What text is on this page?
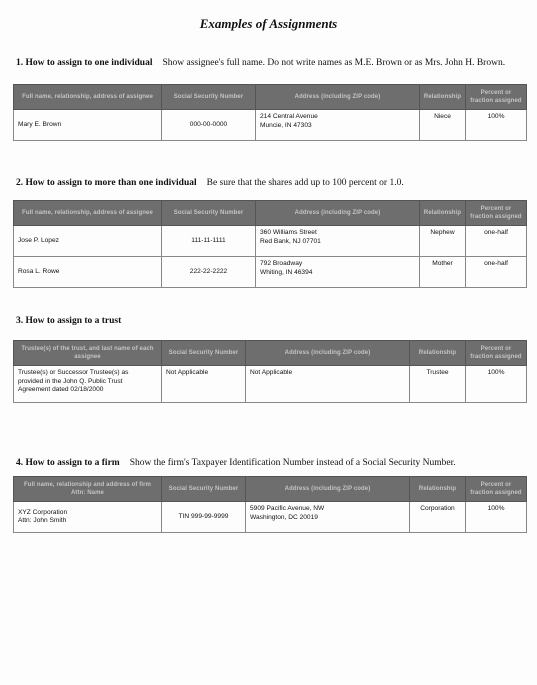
Examples of Assignments
1. How to assign to one individual Show assignee's full name. Do not write names as M.E. Brown or as Mrs. John H. Brown.
Full name, relationship, address of assignee	Social Security Number	Address (including ZIP code)	Relationship	Percent or fraction assigned

Mary E. Brown	000-00-0000	214 Central Avenue
Muncie, IN 47303	Niece	100%
2. How to assign to more than one individual Be sure that the shares add up to 100 percent or 1.0.
Full name, relationship, address of assignee	Social Security Number	Address (including ZIP code)	Relationship	Percent or fraction assigned

Jose P. Lopez	111-11-1111	360 Williams Street
Red Bank, NJ 07701	Nephew	one-half

Rosa L. Rowe	222-22-2222	792 Broadway
Whiting, IN 46394	Mother	one-half
3. How to assign to a trust
Trustee(s) of the trust, and last name of each assignee	Social Security Number	Address (including ZIP code)	Relationship	Percent or fraction assigned

Trustee(s) or Successor Trustee(s) as
provided in the John Q. Public Trust
Agreement dated 02/18/2000	Not Applicable	Not Applicable	Trustee	100%
4. How to assign to a firm Show the firm's Taxpayer Identification Number instead of a Social Security Number.
Full name, relationship and address of firm Attn: Name	Social Security Number	Address (including ZIP code)	Relationship	Percent or fraction assigned

XYZ Corporation
Attn: John Smith	TIN 999-99-9999	5909 Pacific Avenue, NW
Washington, DC 20019	Corporation	100%
